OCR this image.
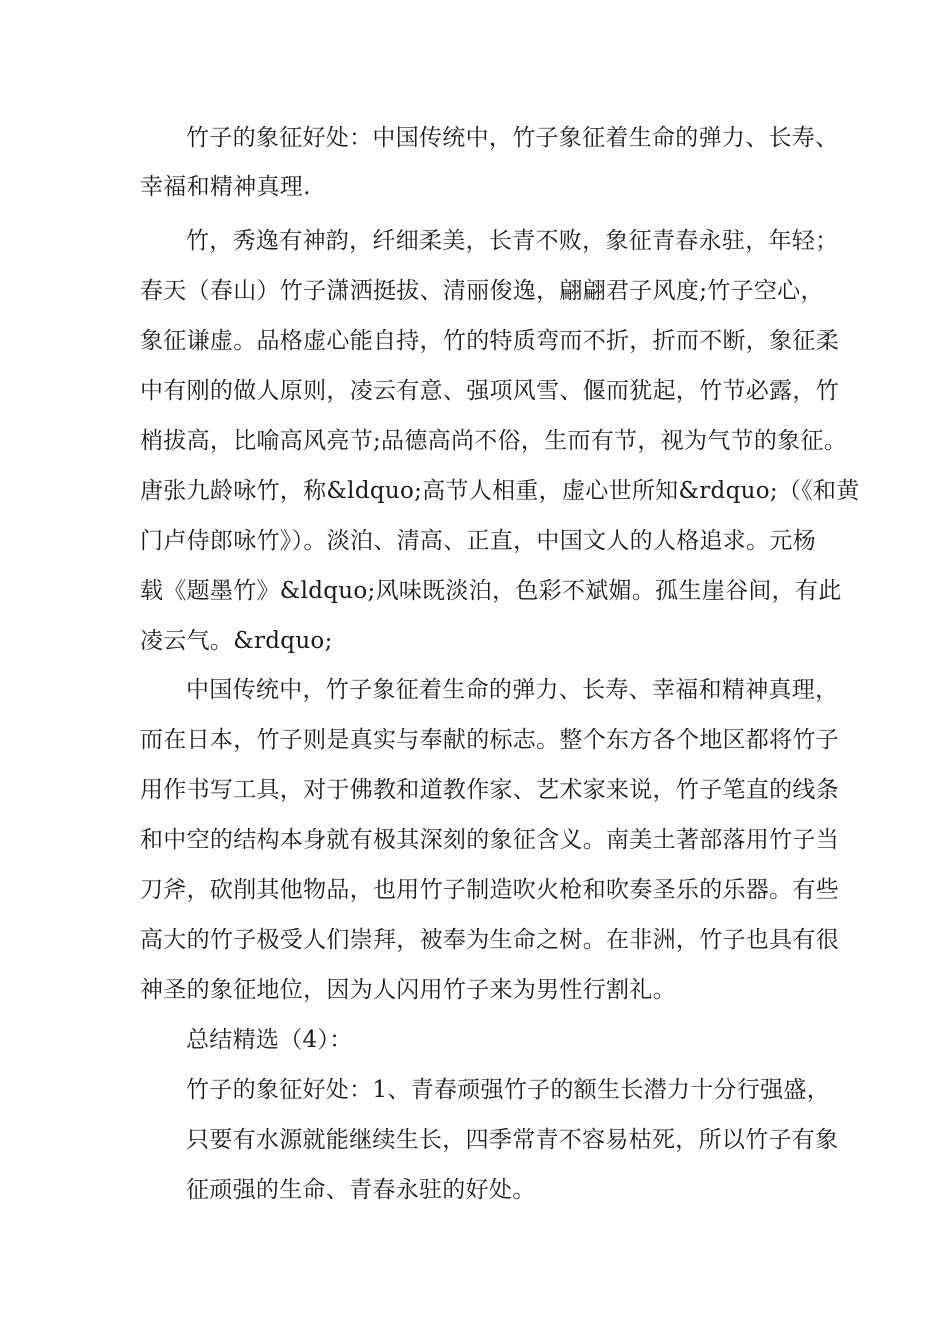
竹子的象征好处：中国传统中，竹子象征着生命的弹力、长寿、
幸福和精神真理.
竹，秀逸有神韵，纤细柔美，长青不败，象征青春永驻，年轻；
春天（春山）竹子潇洒挺拔、清丽俊逸，翩翩君子风度;竹子空心，
象征谦虚。品格虚心能自持，竹的特质弯而不折，折而不断，象征柔
中有刚的做人原则，凌云有意、强项风雪、偃而犹起，竹节必露，竹
梢拔高，比喻高风亮节;品德高尚不俗，生而有节，视为气节的象征。
唐张九龄咏竹，称&ldquo;高节人相重，虚心世所知&rdquo;（《和黄
门卢侍郎咏竹》）。淡泊、清高、正直，中国文人的人格追求。元杨
载《题墨竹》&ldquo;风味既淡泊，色彩不斌媚。孤生崖谷间，有此
凌云气。&rdquo;
中国传统中，竹子象征着生命的弹力、长寿、幸福和精神真理，
而在日本，竹子则是真实与奉献的标志。整个东方各个地区都将竹子
用作书写工具，对于佛教和道教作家、艺术家来说，竹子笔直的线条
和中空的结构本身就有极其深刻的象征含义。南美土著部落用竹子当
刀斧，砍削其他物品，也用竹子制造吹火枪和吹奏圣乐的乐器。有些
高大的竹子极受人们崇拜，被奉为生命之树。在非洲，竹子也具有很
神圣的象征地位，因为人闪用竹子来为男性行割礼。
总结精选（4）：
竹子的象征好处：1、青春顽强竹子的额生长潜力十分行强盛，
只要有水源就能继续生长，四季常青不容易枯死，所以竹子有象
征顽强的生命、青春永驻的好处。
